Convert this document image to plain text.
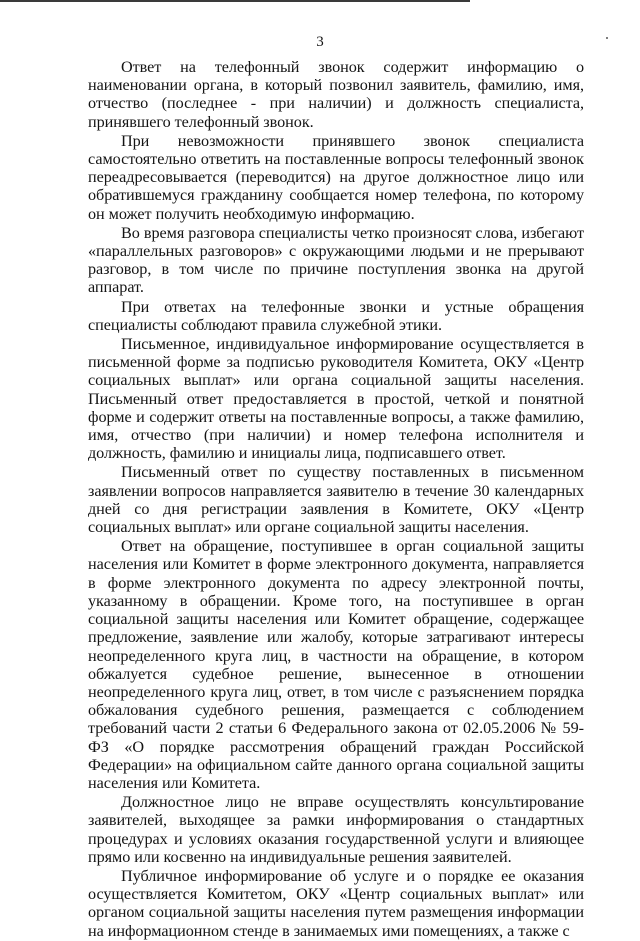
3

Ответ на телефонный звонок содержит информацию о наименовании органа, в который позвонил заявитель, фамилию, имя, отчество (последнее - при наличии) и должность специалиста, принявшего телефонный звонок.

При невозможности принявшего звонок специалиста самостоятельно ответить на поставленные вопросы телефонный звонок переадресовывается (переводится) на другое должностное лицо или обратившемуся гражданину сообщается номер телефона, по которому он может получить необходимую информацию.

Во время разговора специалисты четко произносят слова, избегают «параллельных разговоров» с окружающими людьми и не прерывают разговор, в том числе по причине поступления звонка на другой аппарат.

При ответах на телефонные звонки и устные обращения специалисты соблюдают правила служебной этики.

Письменное, индивидуальное информирование осуществляется в письменной форме за подписью руководителя Комитета, ОКУ «Центр социальных выплат» или органа социальной защиты населения. Письменный ответ предоставляется в простой, четкой и понятной форме и содержит ответы на поставленные вопросы, а также фамилию, имя, отчество (при наличии) и номер телефона исполнителя и должность, фамилию и инициалы лица, подписавшего ответ.

Письменный ответ по существу поставленных в письменном заявлении вопросов направляется заявителю в течение 30 календарных дней со дня регистрации заявления в Комитете, ОКУ «Центр социальных выплат» или органе социальной защиты населения.

Ответ на обращение, поступившее в орган социальной защиты населения или Комитет в форме электронного документа, направляется в форме электронного документа по адресу электронной почты, указанному в обращении. Кроме того, на поступившее в орган социальной защиты населения или Комитет обращение, содержащее предложение, заявление или жалобу, которые затрагивают интересы неопределенного круга лиц, в частности на обращение, в котором обжалуется судебное решение, вынесенное в отношении неопределенного круга лиц, ответ, в том числе с разъяснением порядка обжалования судебного решения, размещается с соблюдением требований части 2 статьи 6 Федерального закона от 02.05.2006 № 59-ФЗ «О порядке рассмотрения обращений граждан Российской Федерации» на официальном сайте данного органа социальной защиты населения или Комитета.

Должностное лицо не вправе осуществлять консультирование заявителей, выходящее за рамки информирования о стандартных процедурах и условиях оказания государственной услуги и влияющее прямо или косвенно на индивидуальные решения заявителей.

Публичное информирование об услуге и о порядке ее оказания осуществляется Комитетом, ОКУ «Центр социальных выплат» или органом социальной защиты населения путем размещения информации на информационном стенде в занимаемых ими помещениях, а также с
